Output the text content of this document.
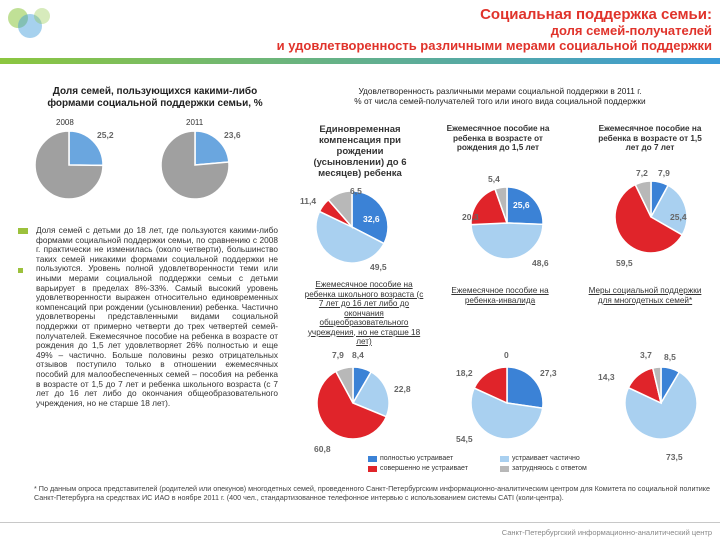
Социальная поддержка семьи:
доля семей-получателей
и удовлетворенность различными мерами социальной поддержки
Доля семей, пользующихся какими-либо формами социальной поддержки семьи, %
2008	2011
25,2	23,6
Доля семей с детьми до 18 лет, где пользуются какими-либо формами социальной поддержки семьи, по сравнению с 2008 г. практически не изменилась (около четверти), большинство таких семей никакими формами социальной поддержки не пользуются. Уровень полной удовлетворенности теми или иными мерами социальной поддержки семьи с детьми варьирует в пределах 8%-33%. Самый высокий уровень удовлетворенности выражен относительно единовременных компенсаций при рождении (усыновлении) ребенка. Частично удовлетворены представленными видами социальной поддержки от примерно четверти до трех четвертей семей-получателей. Ежемесячное пособие на ребенка в возрасте от рождения до 1,5 лет удовлетворяет 26% полностью и еще 49% – частично. Больше половины резко отрицательных отзывов поступило только в отношении ежемесячных пособий для малообеспеченных семей – пособия на ребенка в возрасте от 1,5 до 7 лет и ребенка школьного возраста (с 7 лет до 16 лет либо до окончания общеобразовательного учреждения, но не старше 18 лет).
Удовлетворенность различными мерами социальной поддержки в 2011 г.
% от числа семей-получателей того или иного вида социальной поддержки
Единовременная компенсация при рождении (усыновлении) до 6 месяцев) ребенка
Ежемесячное пособие на ребенка в возрасте от рождения до 1,5 лет
Ежемесячное пособие на ребенка в возрасте от 1,5 лет до 7 лет
32,6
49,5
6,5
11,4	25,6
48,6
20,3
5,4
7,9
25,4
59,5
7,2
Ежемесячное пособие на ребенка школьного возраста (с 7 лет до 16 лет либо до окончания общеобразовательного учреждения, но не старше 18 лет)
Ежемесячное пособие на ребенка-инвалида
Меры социальной поддержки для многодетных семей*
8,4
22,8
60,8
7,9
27,3
54,5
18,2
0	8,5
73,5
14,3
3,7
полностью устраивает	устраивает частично
совершенно не устраивает	затрудняюсь с ответом
* По данным опроса представителей (родителей или опекунов) многодетных семей, проведенного Санкт-Петербургским информационно-аналитическим центром для Комитета по социальной политике Санкт-Петербурга на средствах ИС ИАО в ноябре 2011 г. (400 чел., стандартизованное телефонное интервью с использованием системы CATI (коли-центра).
Санкт-Петербургский информационно-аналитический центр
